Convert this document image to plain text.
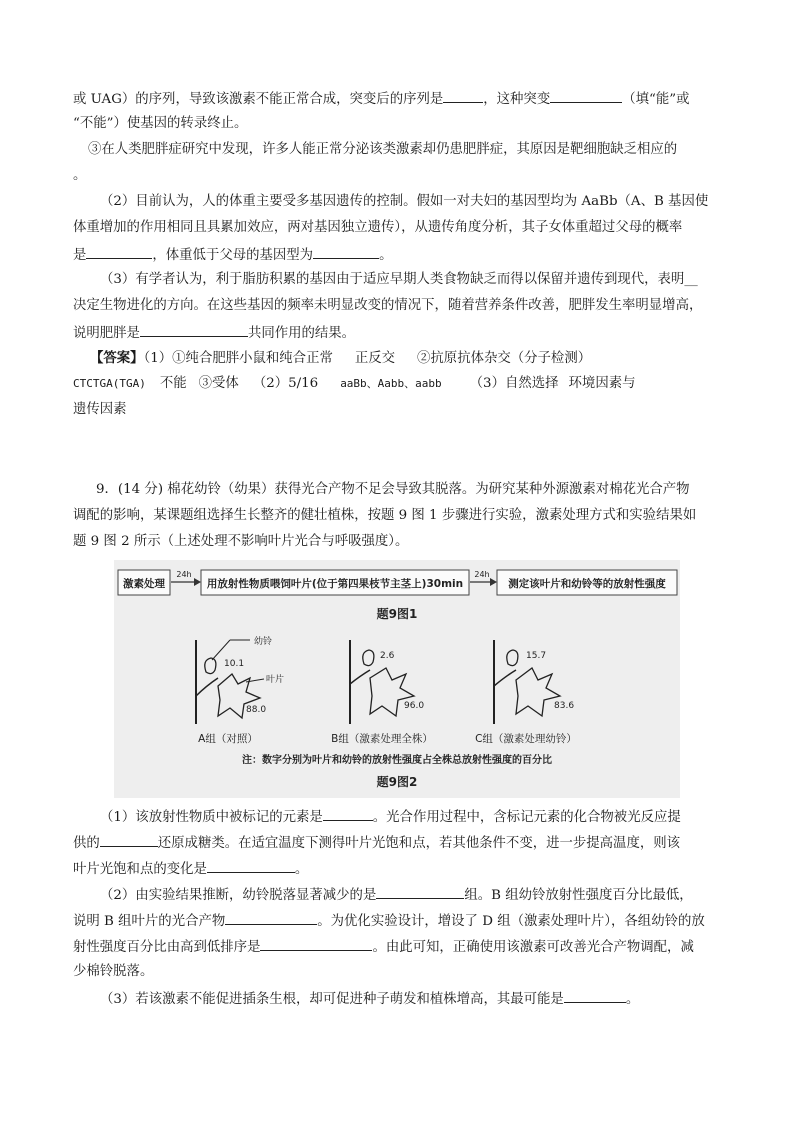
或 UAG）的序列，导致该激素不能正常合成，突变后的序列是	，这种突变	（填“能”或
“不能”）使基因的转录终止。
③在人类肥胖症研究中发现，许多人能正常分泌该类激素却仍患肥胖症，其原因是靶细胞缺乏相应的
。
（2）目前认为，人的体重主要受多基因遗传的控制。假如一对夫妇的基因型均为 AaBb（A、B 基因使
体重增加的作用相同且具累加效应，两对基因独立遗传），从遗传角度分析，其子女体重超过父母的概率
是	，体重低于父母的基因型为	。
（3）有学者认为，利于脂肪积累的基因由于适应早期人类食物缺乏而得以保留并遗传到现代，表明__
决定生物进化的方向。在这些基因的频率未明显改变的情况下，随着营养条件改善，肥胖发生率明显增高，
说明肥胖是	共同作用的结果。
【答案】（1）①纯合肥胖小鼠和纯合正常 正反交 ②抗原抗体杂交（分子检测）
CTCTGA(TGA) 不能 ③受体 （2）5/16 aaBb、Aabb、aabb （3）自然选择 环境因素与
遗传因素
9．(14 分) 棉花幼铃（幼果）获得光合产物不足会导致其脱落。为研究某种外源激素对棉花光合产物
调配的影响，某课题组选择生长整齐的健壮植株，按题 9 图 1 步骤进行实验，激素处理方式和实验结果如
题 9 图 2 所示（上述处理不影响叶片光合与呼吸强度）。
激素处理
24h
用放射性物质喂饲叶片(位于第四果枝节主茎上)30min
24h
测定该叶片和幼铃等的放射性强度
题9图1
幼铃
叶片
10.1
88.0
A组（对照）
2.6
96.0
B组（激素处理全株）
15.7
83.6
C组（激素处理幼铃）
注：数字分别为叶片和幼铃的放射性强度占全株总放射性强度的百分比
题9图2
（1）该放射性物质中被标记的元素是	。光合作用过程中，含标记元素的化合物被光反应提
供的	还原成糖类。在适宜温度下测得叶片光饱和点，若其他条件不变，进一步提高温度，则该
叶片光饱和点的变化是	。
（2）由实验结果推断，幼铃脱落显著减少的是	组。B 组幼铃放射性强度百分比最低，
说明 B 组叶片的光合产物	。为优化实验设计，增设了 D 组（激素处理叶片），各组幼铃的放
射性强度百分比由高到低排序是	。由此可知，正确使用该激素可改善光合产物调配，减
少棉铃脱落。
（3）若该激素不能促进插条生根，却可促进种子萌发和植株增高，其最可能是	。
